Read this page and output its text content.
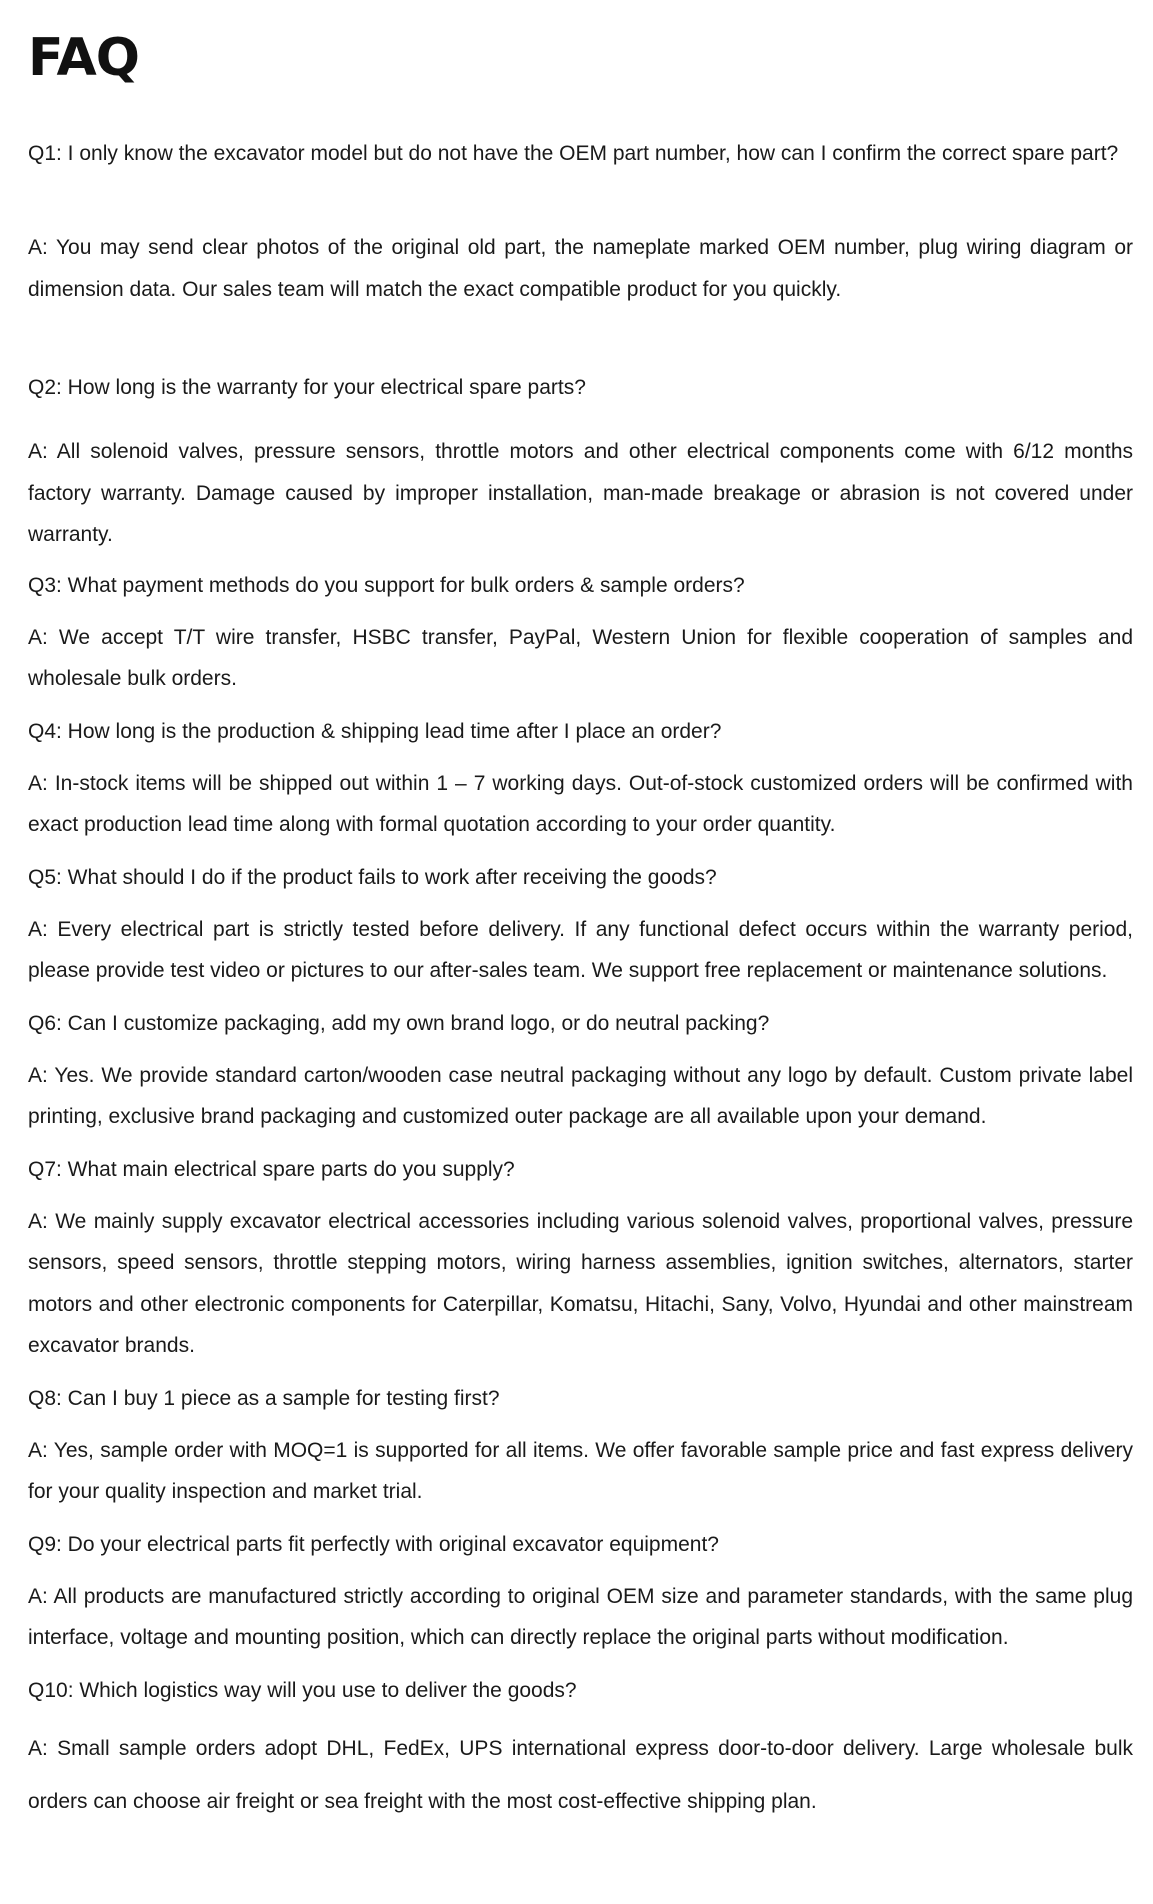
FAQ

Q1: I only know the excavator model but do not have the OEM part number, how can I confirm the correct spare part?

A: You may send clear photos of the original old part, the nameplate marked OEM number, plug wiring diagram or dimension data. Our sales team will match the exact compatible product for you quickly.

Q2: How long is the warranty for your electrical spare parts?

A: All solenoid valves, pressure sensors, throttle motors and other electrical components come with 6/12 months factory warranty. Damage caused by improper installation, man-made breakage or abrasion is not covered under warranty.

Q3: What payment methods do you support for bulk orders & sample orders?

A: We accept T/T wire transfer, HSBC transfer, PayPal, Western Union for flexible cooperation of samples and wholesale bulk orders.

Q4: How long is the production & shipping lead time after I place an order?

A: In-stock items will be shipped out within 1 – 7 working days. Out-of-stock customized orders will be confirmed with exact production lead time along with formal quotation according to your order quantity.

Q5: What should I do if the product fails to work after receiving the goods?

A: Every electrical part is strictly tested before delivery. If any functional defect occurs within the warranty period, please provide test video or pictures to our after-sales team. We support free replacement or maintenance solutions.

Q6: Can I customize packaging, add my own brand logo, or do neutral packing?

A: Yes. We provide standard carton/wooden case neutral packaging without any logo by default. Custom private label printing, exclusive brand packaging and customized outer package are all available upon your demand.

Q7: What main electrical spare parts do you supply?

A: We mainly supply excavator electrical accessories including various solenoid valves, proportional valves, pressure sensors, speed sensors, throttle stepping motors, wiring harness assemblies, ignition switches, alternators, starter motors and other electronic components for Caterpillar, Komatsu, Hitachi, Sany, Volvo, Hyundai and other mainstream excavator brands.

Q8: Can I buy 1 piece as a sample for testing first?

A: Yes, sample order with MOQ=1 is supported for all items. We offer favorable sample price and fast express delivery for your quality inspection and market trial.

Q9: Do your electrical parts fit perfectly with original excavator equipment?

A: All products are manufactured strictly according to original OEM size and parameter standards, with the same plug interface, voltage and mounting position, which can directly replace the original parts without modification.

Q10: Which logistics way will you use to deliver the goods?

A: Small sample orders adopt DHL, FedEx, UPS international express door-to-door delivery. Large wholesale bulk orders can choose air freight or sea freight with the most cost-effective shipping plan.
